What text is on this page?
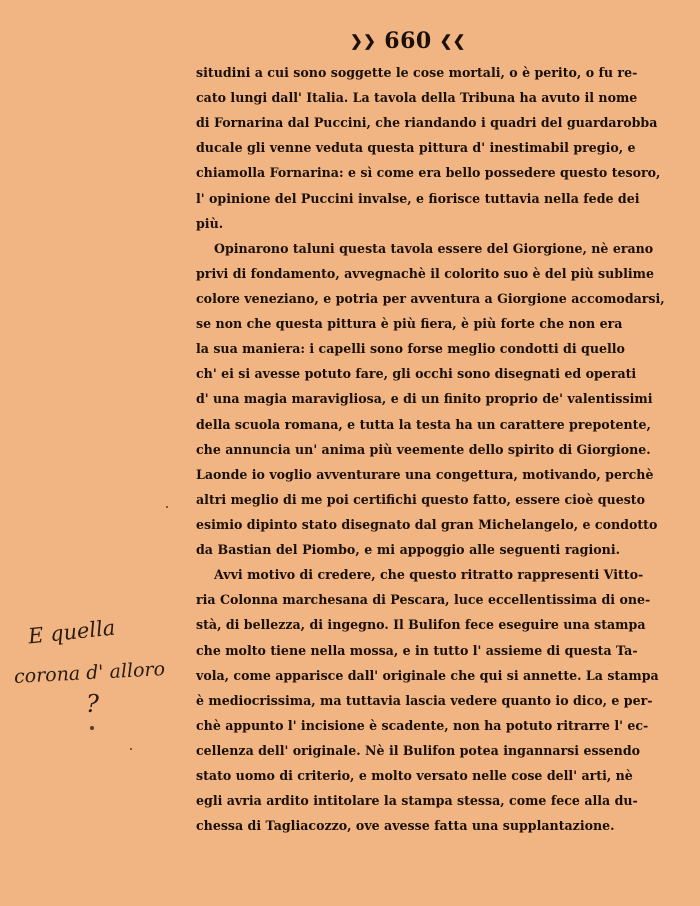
❯❯ 660 ❮❮
situdini a cui sono soggette le cose mortali, o è perito, o fu re-
cato lungi dall' Italia. La tavola della Tribuna ha avuto il nome
di Fornarina dal Puccini, che riandando i quadri del guardarobba
ducale gli venne veduta questa pittura d' inestimabil pregio, e
chiamolla Fornarina: e sì come era bello possedere questo tesoro,
l' opinione del Puccini invalse, e fiorisce tuttavia nella fede dei
più.
Opinarono taluni questa tavola essere del Giorgione, nè erano
privi di fondamento, avvegnachè il colorito suo è del più sublime
colore veneziano, e potria per avventura a Giorgione accomodarsi,
se non che questa pittura è più fiera, è più forte che non era
la sua maniera: i capelli sono forse meglio condotti di quello
ch' ei si avesse potuto fare, gli occhi sono disegnati ed operati
d' una magia maravigliosa, e di un finito proprio de' valentissimi
della scuola romana, e tutta la testa ha un carattere prepotente,
che annuncia un' anima più veemente dello spirito di Giorgione.
Laonde io voglio avventurare una congettura, motivando, perchè
altri meglio di me poi certifichi questo fatto, essere cioè questo
esimio dipinto stato disegnato dal gran Michelangelo, e condotto
da Bastian del Piombo, e mi appoggio alle seguenti ragioni.
Avvi motivo di credere, che questo ritratto rappresenti Vitto-
ria Colonna marchesana di Pescara, luce eccellentissima di one-
stà, di bellezza, di ingegno. Il Bulifon fece eseguire una stampa
che molto tiene nella mossa, e in tutto l' assieme di questa Ta-
vola, come apparisce dall' originale che qui si annette. La stampa
è mediocrissima, ma tuttavia lascia vedere quanto io dico, e per-
chè appunto l' incisione è scadente, non ha potuto ritrarre l' ec-
cellenza dell' originale. Nè il Bulifon potea ingannarsi essendo
stato uomo di criterio, e molto versato nelle cose dell' arti, nè
egli avria ardito intitolare la stampa stessa, come fece alla du-
chessa di Tagliacozzo, ove avesse fatta una supplantazione.
E quella
corona d' alloro
?
